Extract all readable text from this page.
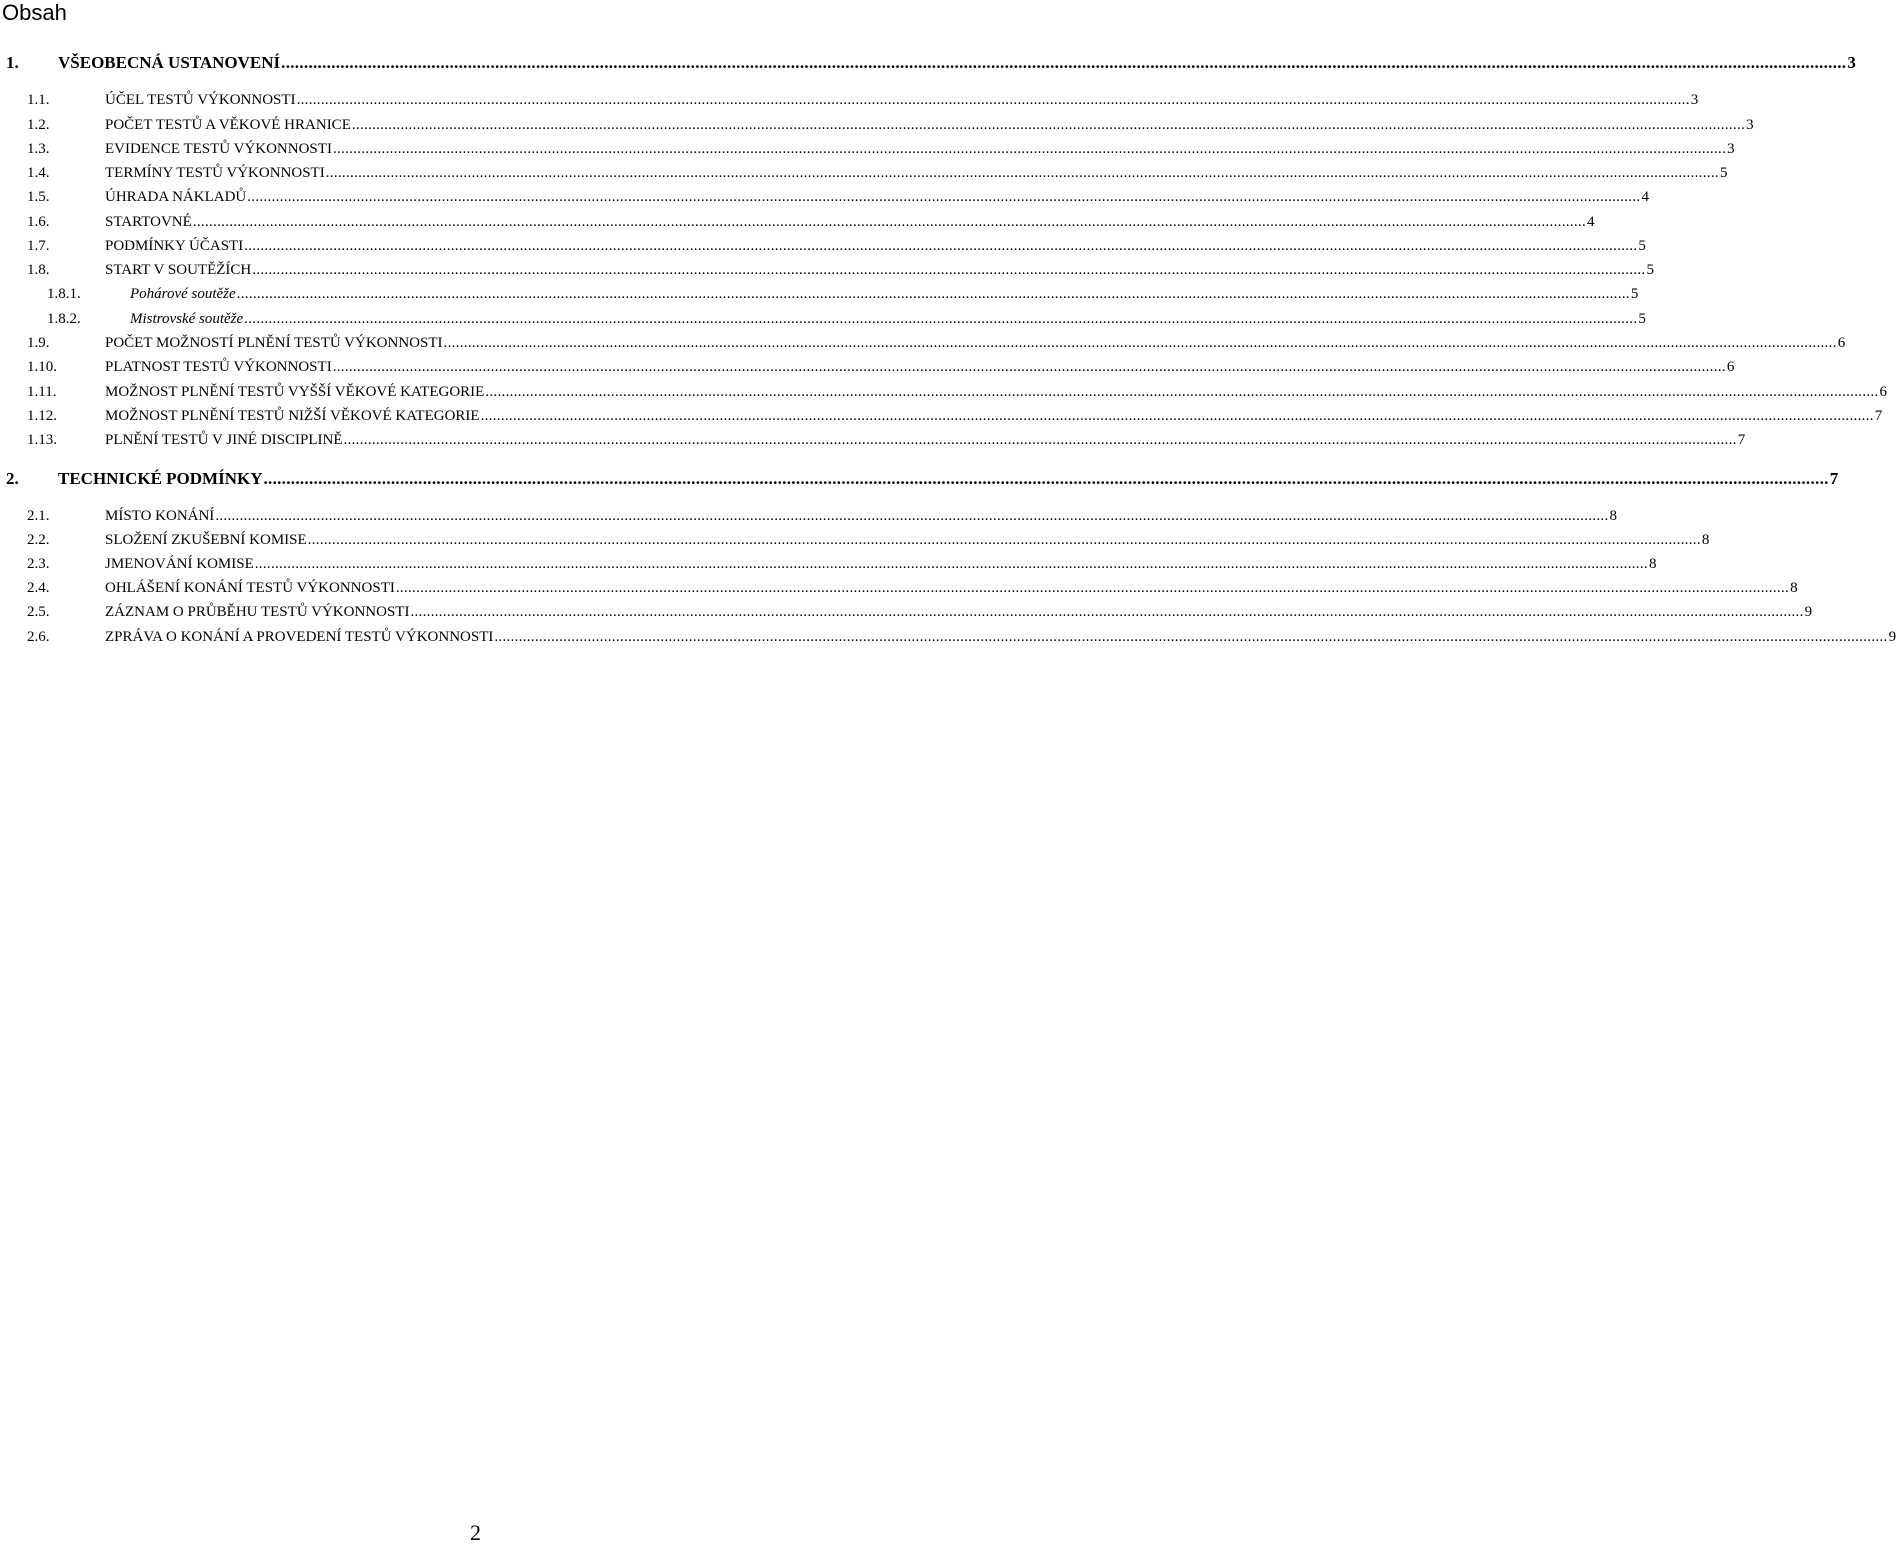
Obsah
1.	VŠEOBECNÁ USTANOVENÍ .....	3
1.1.	ÚČEL TESTŮ VÝKONNOSTI .....	3
1.2.	POČET TESTŮ A VĚKOVÉ HRANICE .....	3
1.3.	EVIDENCE TESTŮ VÝKONNOSTI .....	3
1.4.	TERMÍNY TESTŮ VÝKONNOSTI .....	5
1.5.	ÚHRADA NÁKLADŮ .....	4
1.6.	STARTOVNÉ .....	4
1.7.	PODMÍNKY ÚČASTI .....	5
1.8.	START V SOUTĚŽÍCH .....	5
1.8.1.	Pohárové soutěže .....	5
1.8.2.	Mistrovské soutěže .....	5
1.9.	POČET MOŽNOSTÍ PLNĚNÍ TESTŮ VÝKONNOSTI .....	6
1.10.	PLATNOST TESTŮ VÝKONNOSTI .....	6
1.11.	MOŽNOST PLNĚNÍ TESTŮ VYŠŠÍ VĚKOVÉ KATEGORIE .....	6
1.12.	MOŽNOST PLNĚNÍ TESTŮ NIŽŠÍ VĚKOVÉ KATEGORIE .....	7
1.13.	PLNĚNÍ TESTŮ V JINÉ DISCIPLINĚ .....	7
2.	TECHNICKÉ PODMÍNKY .....	7
2.1.	MÍSTO KONÁNÍ .....	8
2.2.	SLOŽENÍ ZKUŠEBNÍ KOMISE .....	8
2.3.	JMENOVÁNÍ KOMISE .....	8
2.4.	OHLÁŠENÍ KONÁNÍ TESTŮ VÝKONNOSTI .....	8
2.5.	ZÁZNAM O PRŮBĚHU TESTŮ VÝKONNOSTI .....	9
2.6.	ZPRÁVA O KONÁNÍ A PROVEDENÍ TESTŮ VÝKONNOSTI .....	9
2
